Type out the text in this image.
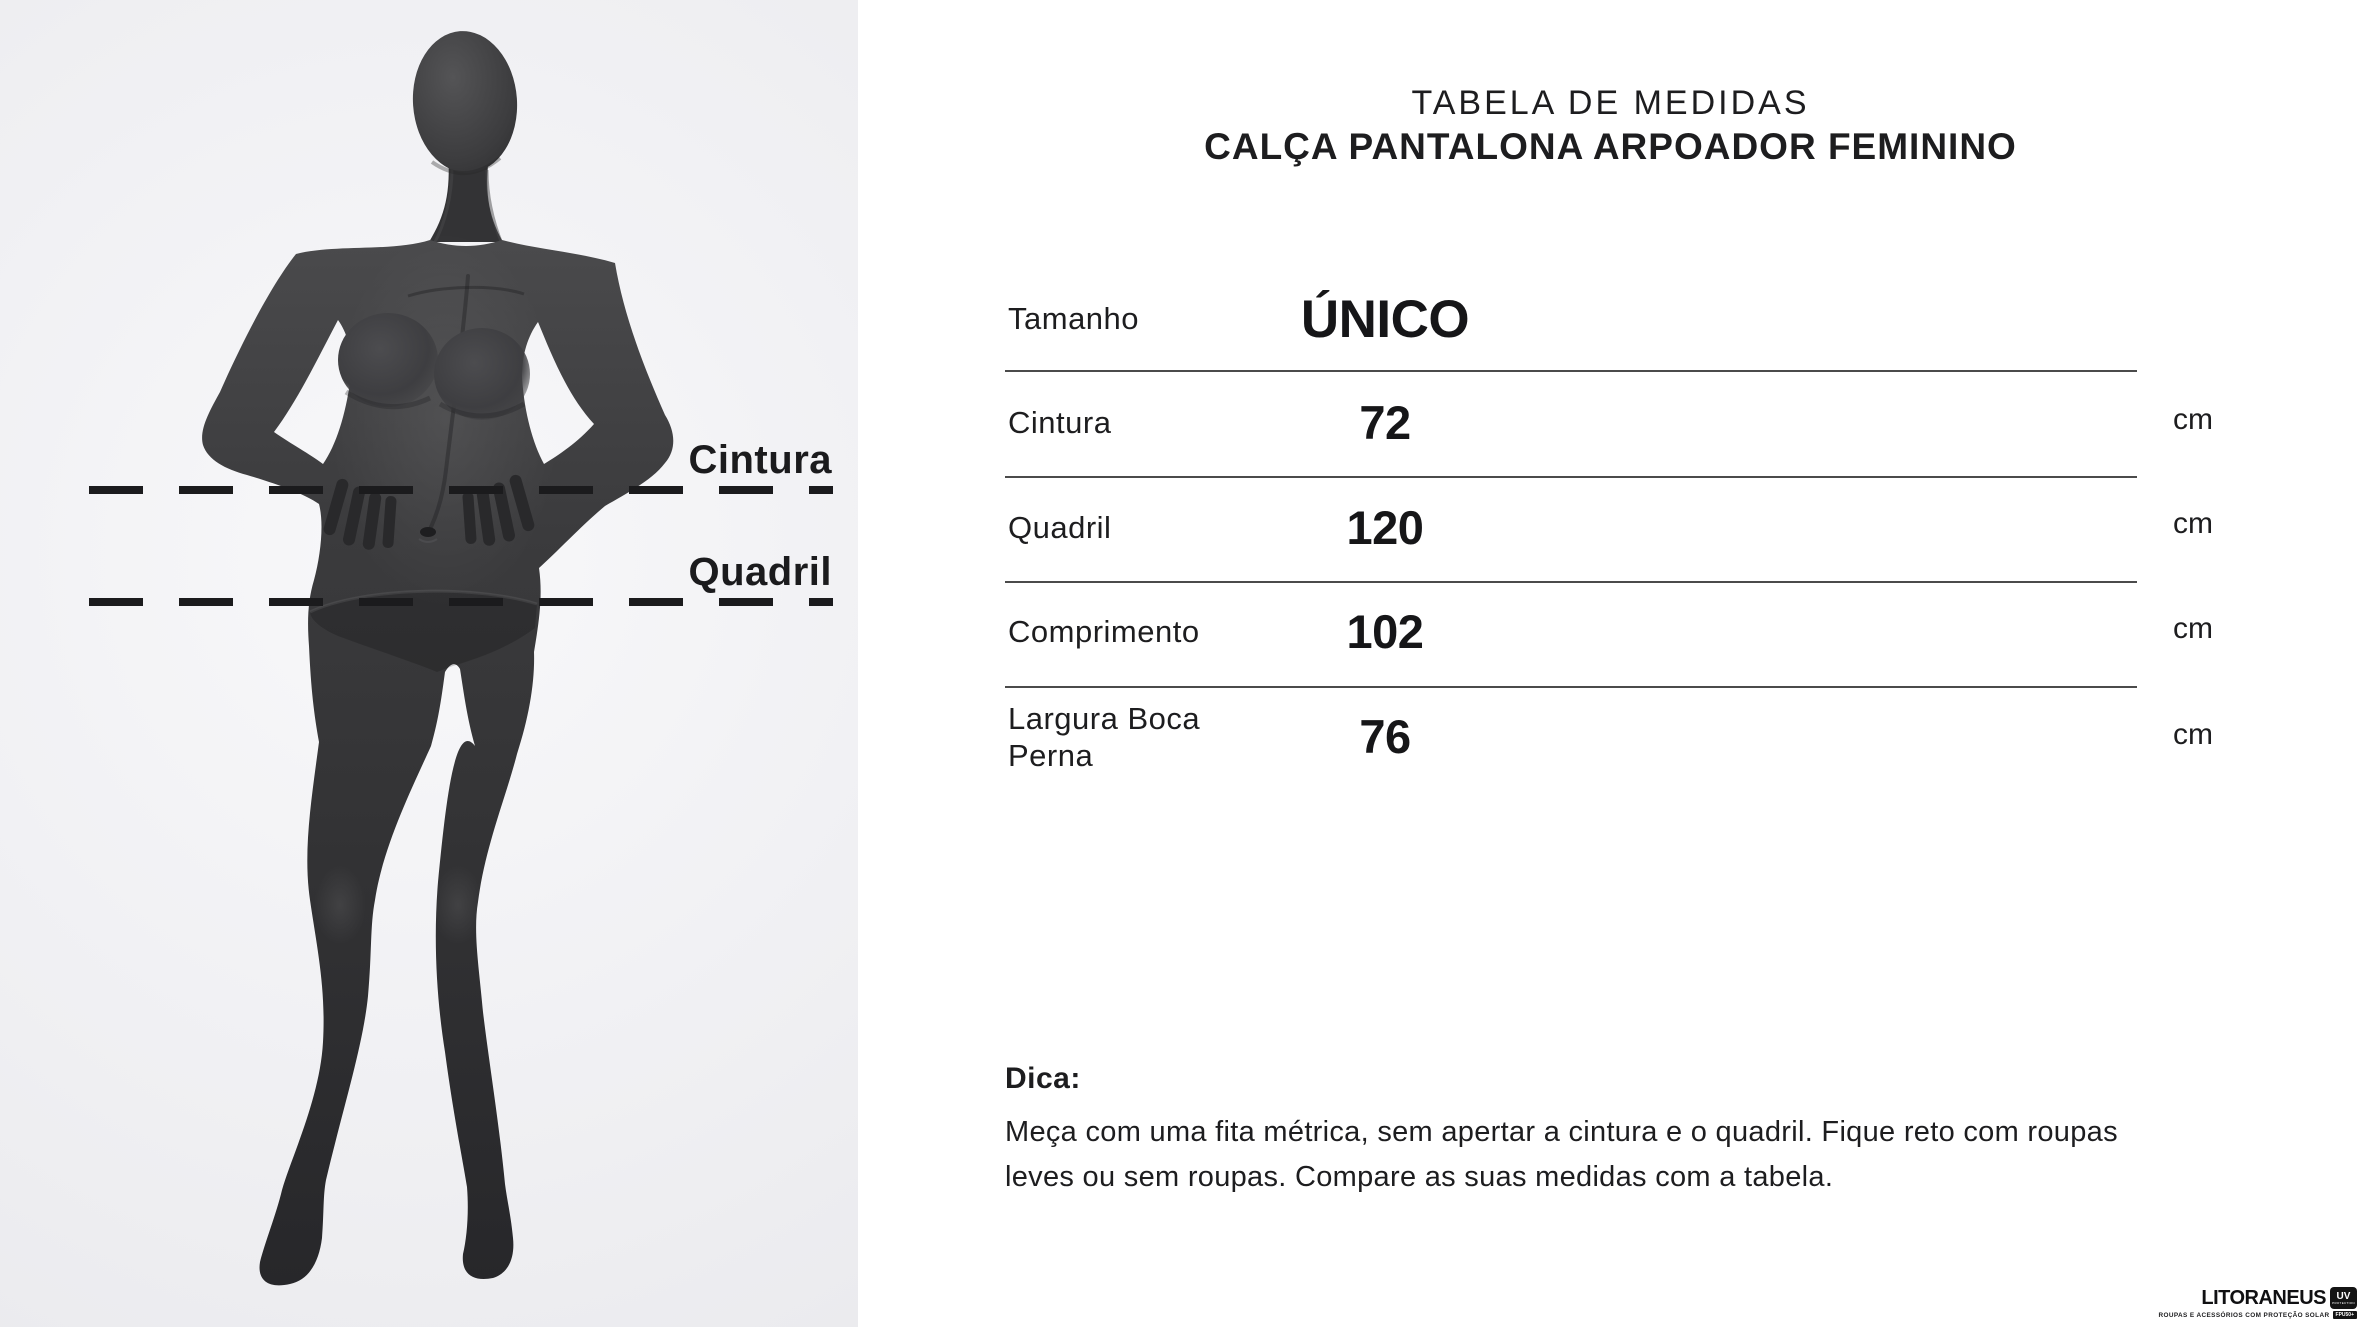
Cintura
Quadril
TABELA DE MEDIDAS
CALÇA PANTALONA ARPOADOR FEMININO
Tamanho	ÚNICO
Cintura	72	cm
Quadril	120	cm
Comprimento	102	cm
Largura Boca Perna	76	cm

Dica:

Meça com uma fita métrica, sem apertar a cintura e o quadril. Fique reto com roupas leves ou sem roupas. Compare as suas medidas com a tabela.

LITORANEUS UV
PROTECTION
ROUPAS E ACESSÓRIOS COM PROTEÇÃO SOLAR	FPU50+
